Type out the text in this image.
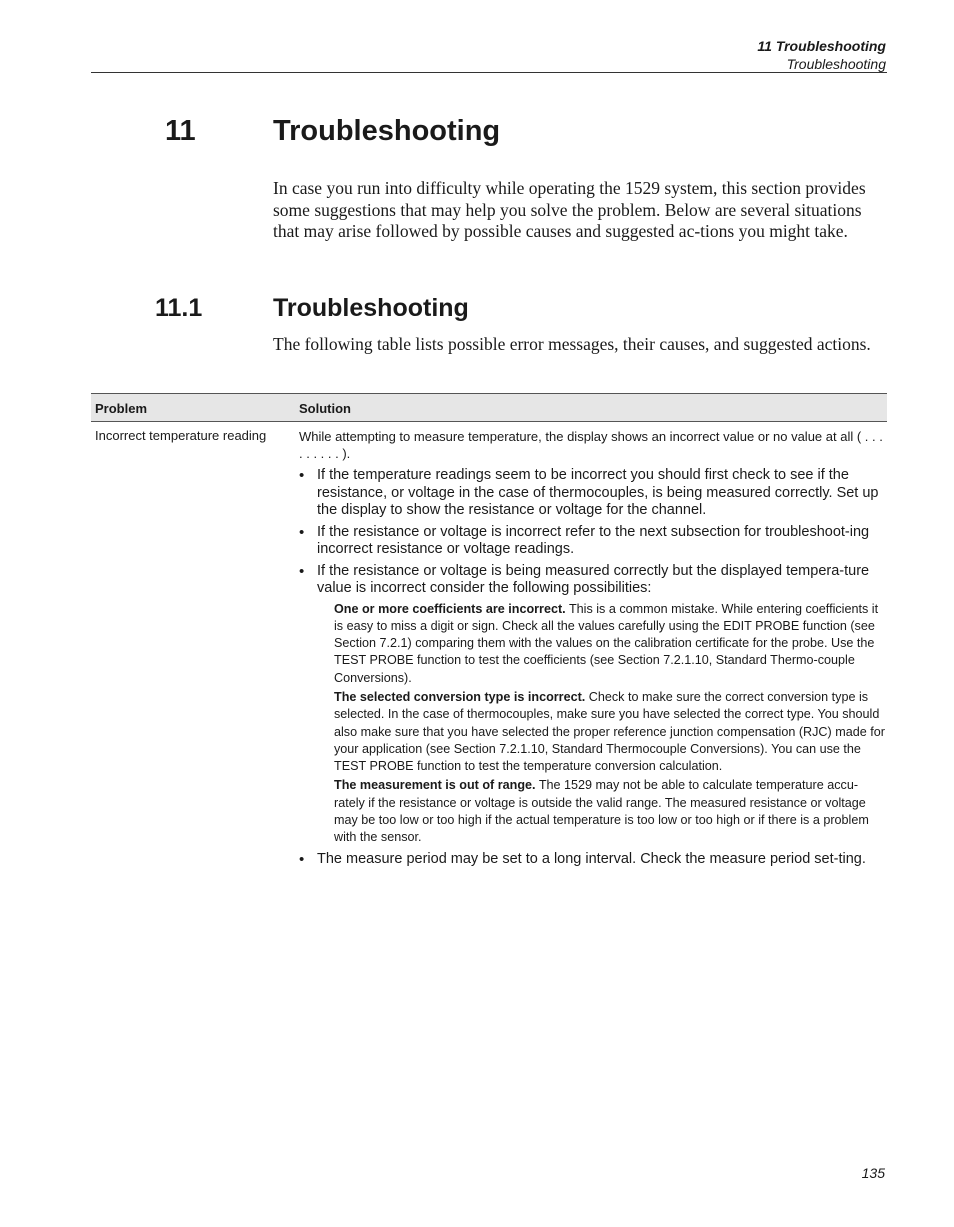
11 Troubleshooting
Troubleshooting
11	Troubleshooting

In case you run into difficulty while operating the 1529 system, this section provides some suggestions that may help you solve the problem. Below are several situations that may arise followed by possible causes and suggested ac-tions you might take.

11.1	Troubleshooting

The following table lists possible error messages, their causes, and suggested actions.

Problem	Solution
Incorrect temperature reading	While attempting to measure temperature, the display shows an incorrect value or no value at all ( . . . . . . . . . ).

• If the temperature readings seem to be incorrect you should first check to see if the resistance, or voltage in the case of thermocouples, is being measured correctly. Set up the display to show the resistance or voltage for the channel.
• If the resistance or voltage is incorrect refer to the next subsection for troubleshoot-ing incorrect resistance or voltage readings.
• If the resistance or voltage is being measured correctly but the displayed tempera-ture value is incorrect consider the following possibilities:

One or more coefficients are incorrect. This is a common mistake. While entering coefficients it is easy to miss a digit or sign. Check all the values carefully using the EDIT PROBE function (see Section 7.2.1) comparing them with the values on the calibration certificate for the probe. Use the TEST PROBE function to test the coefficients (see Section 7.2.1.10, Standard Thermo-couple Conversions).

The selected conversion type is incorrect. Check to make sure the correct conversion type is selected. In the case of thermocouples, make sure you have selected the correct type. You should also make sure that you have selected the proper reference junction compensation (RJC) made for your application (see Section 7.2.1.10, Standard Thermocouple Conversions). You can use the TEST PROBE function to test the temperature conversion calculation.

The measurement is out of range. The 1529 may not be able to calculate temperature accu-rately if the resistance or voltage is outside the valid range. The measured resistance or voltage may be too low or too high if the actual temperature is too low or too high or if there is a problem with the sensor.

• The measure period may be set to a long interval. Check the measure period set-ting.
135
